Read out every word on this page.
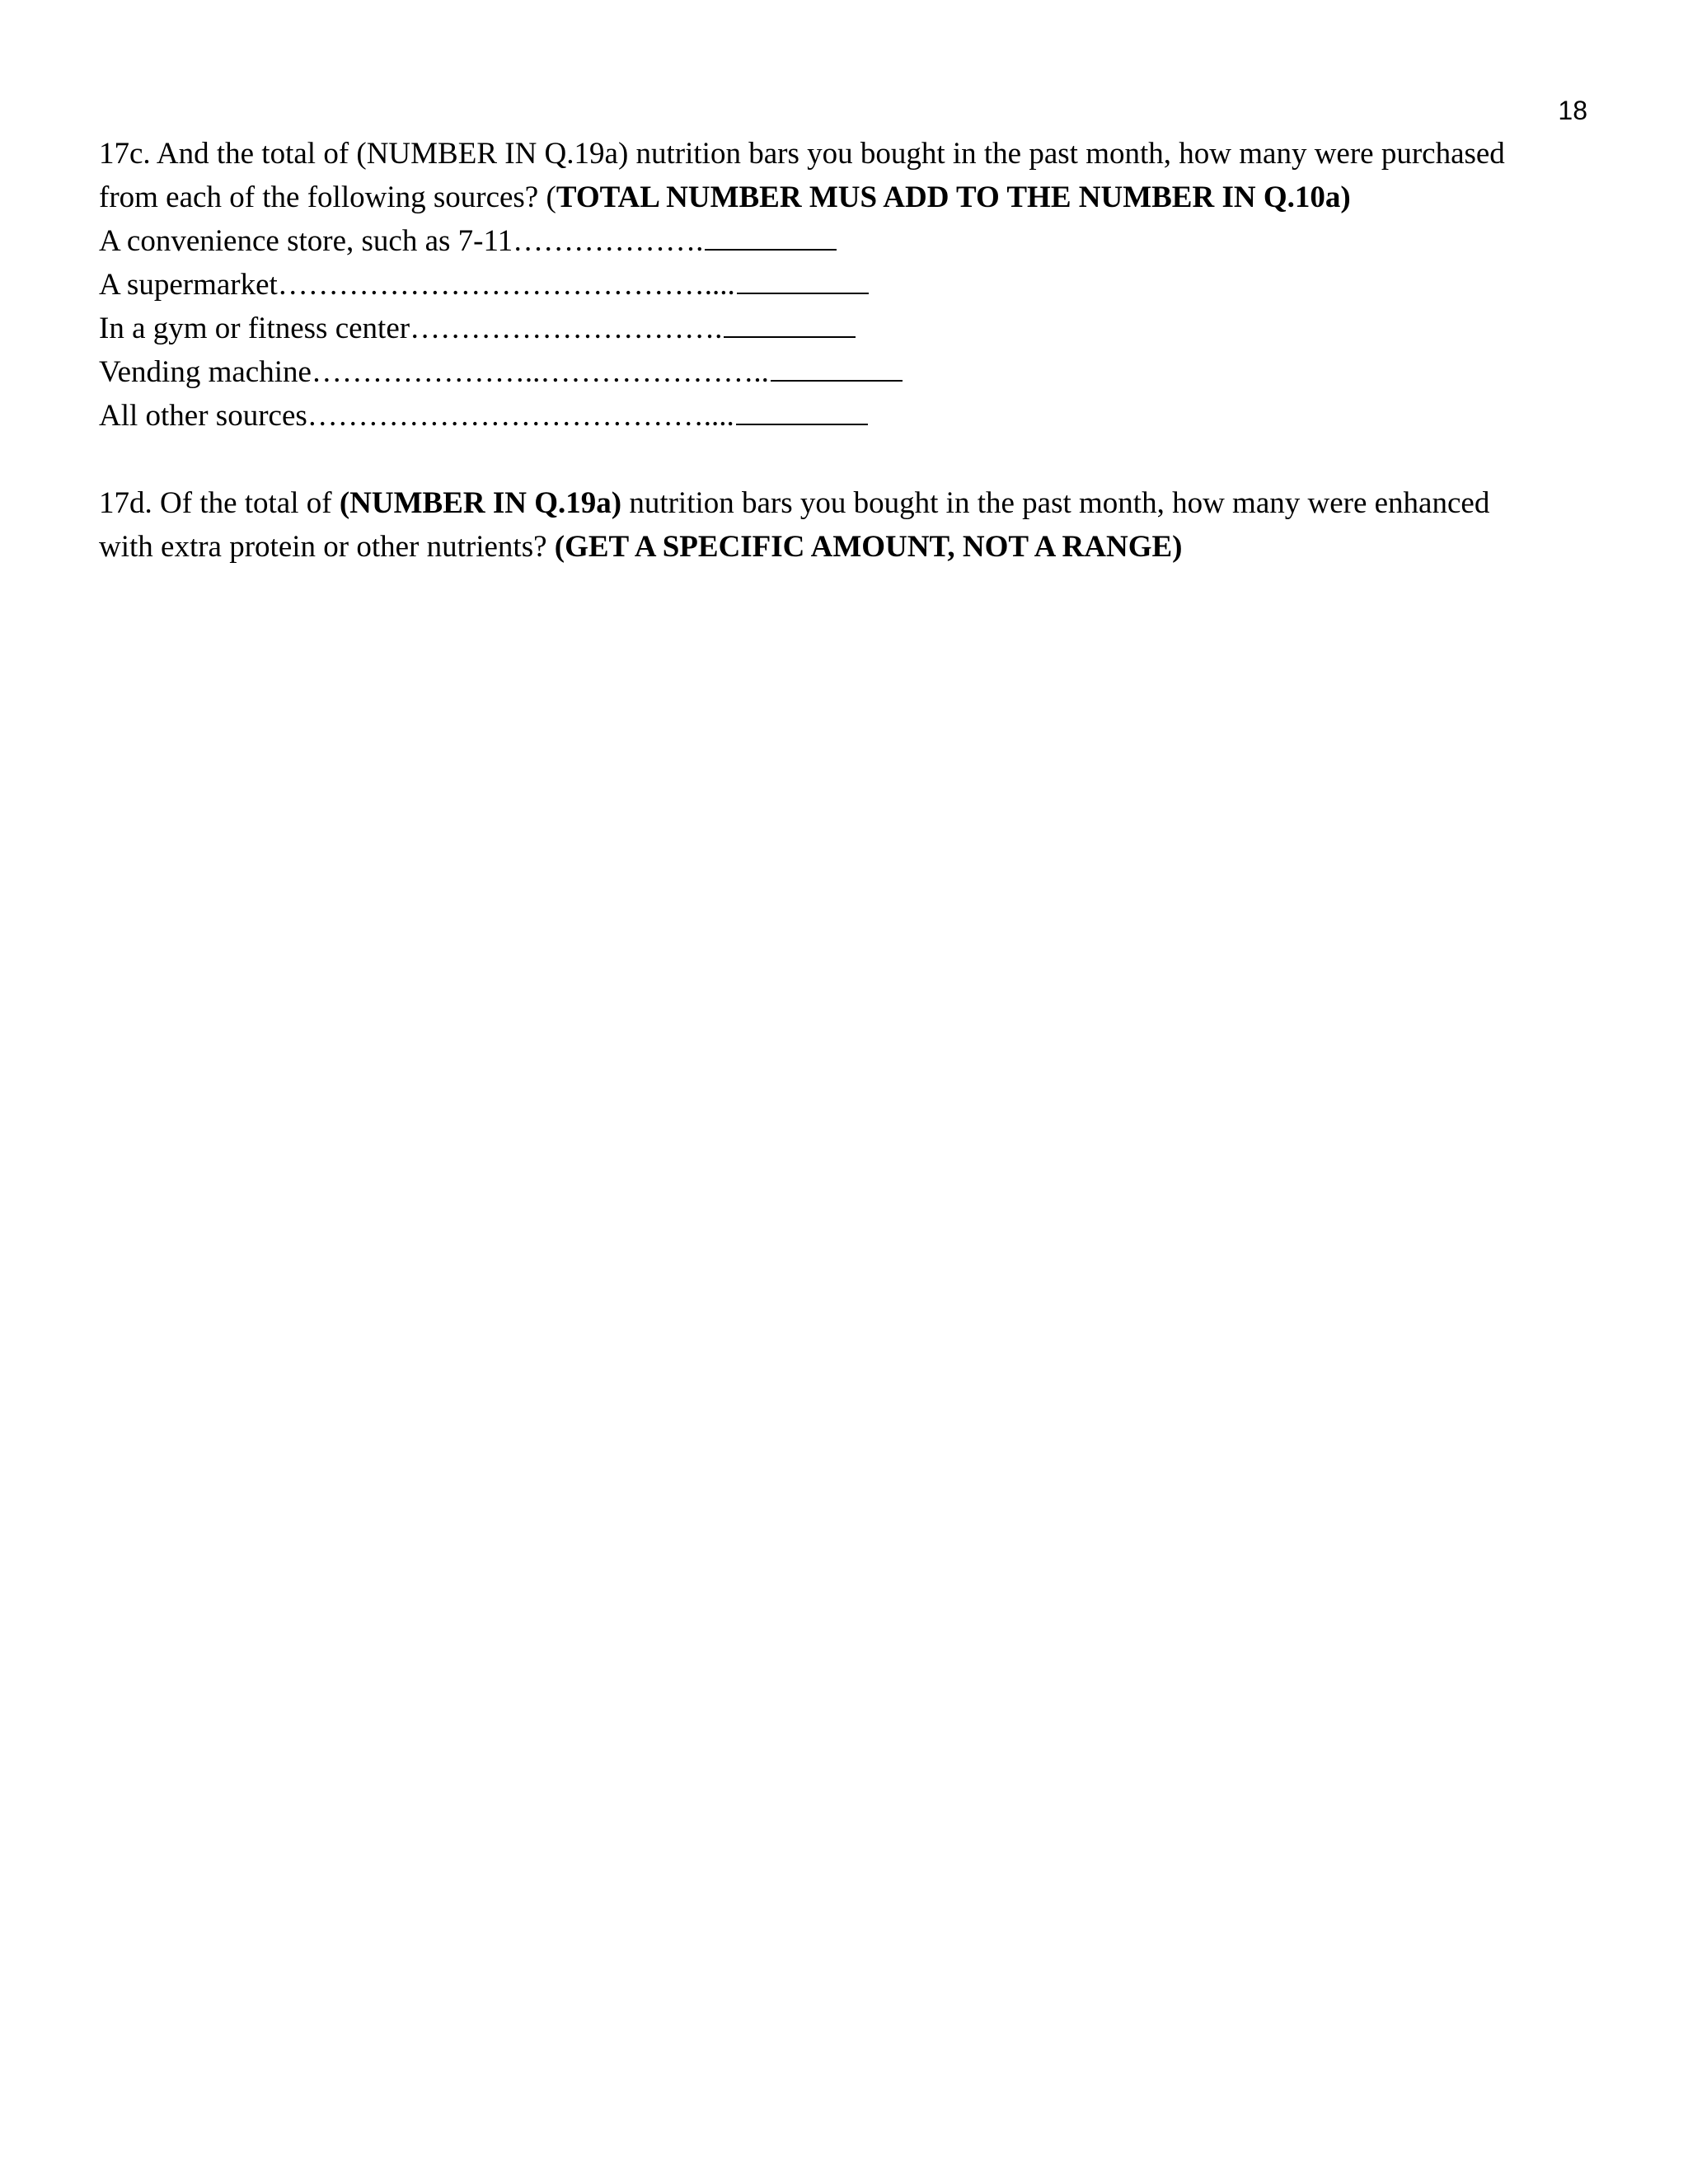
18

17c. And the total of (NUMBER IN Q.19a) nutrition bars you bought in the past month, how many were purchased from each of the following sources? (TOTAL NUMBER MUS ADD TO THE NUMBER IN Q.10a)

A convenience store, such as 7-11……………….
A supermarket……………………………………....
In a gym or fitness center………………………….
Vending machine…………………..…………………..
All other sources…………………………………....

17d. Of the total of (NUMBER IN Q.19a) nutrition bars you bought in the past month, how many were enhanced with extra protein or other nutrients? (GET A SPECIFIC AMOUNT, NOT A RANGE)
